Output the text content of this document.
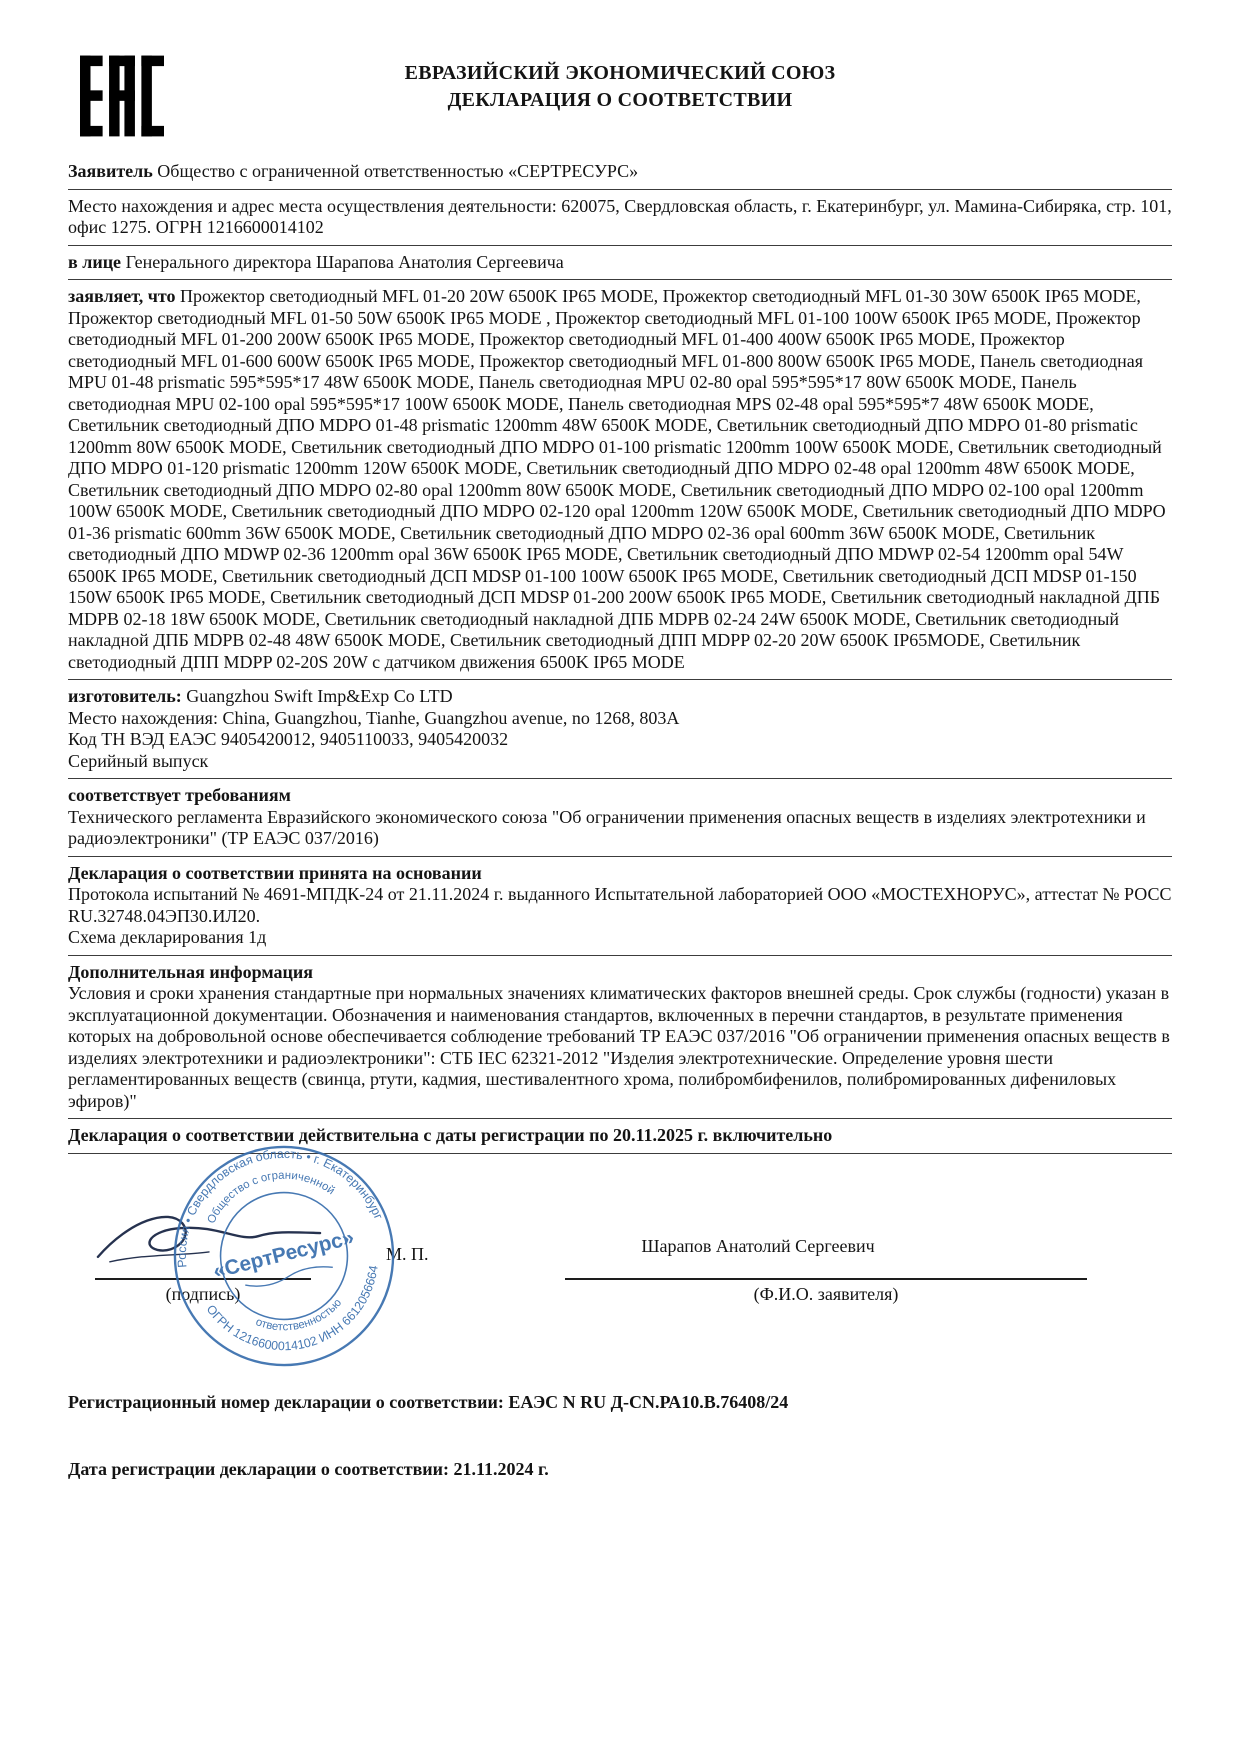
ЕВРАЗИЙСКИЙ ЭКОНОМИЧЕСКИЙ СОЮЗ
ДЕКЛАРАЦИЯ О СООТВЕТСТВИИ

Заявитель Общество с ограниченной ответственностью «СЕРТРЕСУРС»

Место нахождения и адрес места осуществления деятельности: 620075, Свердловская область, г. Екатеринбург, ул. Мамина-Сибиряка, стр. 101, офис 1275. ОГРН 1216600014102

в лице Генерального директора Шарапова Анатолия Сергеевича

заявляет, что Прожектор светодиодный MFL 01-20 20W 6500K IP65 MODE, Прожектор светодиодный MFL 01-30 30W 6500K IP65 MODE, Прожектор светодиодный MFL 01-50 50W 6500K IP65 MODE , Прожектор светодиодный MFL 01-100 100W 6500K IP65 MODE, Прожектор светодиодный MFL 01-200 200W 6500K IP65 MODE, Прожектор светодиодный MFL 01-400 400W 6500K IP65 MODE, Прожектор светодиодный MFL 01-600 600W 6500K IP65 MODE, Прожектор светодиодный MFL 01-800 800W 6500K IP65 MODE, Панель светодиодная MPU 01-48 prismatic 595*595*17 48W 6500K MODE, Панель светодиодная MPU 02-80 opal 595*595*17 80W 6500K MODE, Панель светодиодная MPU 02-100 opal 595*595*17 100W 6500K MODE, Панель светодиодная MPS 02-48 opal 595*595*7 48W 6500K MODE, Светильник светодиодный ДПО MDPO 01-48 prismatic 1200mm 48W 6500K MODE, Светильник светодиодный ДПО MDPO 01-80 prismatic 1200mm 80W 6500K MODE, Светильник светодиодный ДПО MDPO 01-100 prismatic 1200mm 100W 6500K MODE, Светильник светодиодный ДПО MDPO 01-120 prismatic 1200mm 120W 6500K MODE, Светильник светодиодный ДПО MDPO 02-48 opal 1200mm 48W 6500K MODE, Светильник светодиодный ДПО MDPO 02-80 opal 1200mm 80W 6500K MODE, Светильник светодиодный ДПО MDPO 02-100 opal 1200mm 100W 6500K MODE, Светильник светодиодный ДПО MDPO 02-120 opal 1200mm 120W 6500K MODE, Светильник светодиодный ДПО MDPO 01-36 prismatic 600mm 36W 6500K MODE, Светильник светодиодный ДПО MDPO 02-36 opal 600mm 36W 6500K MODE, Светильник светодиодный ДПО MDWP 02-36 1200mm opal 36W 6500K IP65 MODE, Светильник светодиодный ДПО MDWP 02-54 1200mm opal 54W 6500K IP65 MODE, Светильник светодиодный ДСП MDSP 01-100 100W 6500K IP65 MODE, Светильник светодиодный ДСП MDSP 01-150 150W 6500K IP65 MODE, Светильник светодиодный ДСП MDSP 01-200 200W 6500K IP65 MODE, Светильник светодиодный накладной ДПБ MDPB 02-18 18W 6500K MODE, Светильник светодиодный накладной ДПБ MDPB 02-24 24W 6500K MODE, Светильник светодиодный накладной ДПБ MDPB 02-48 48W 6500K MODE, Светильник светодиодный ДПП MDPP 02-20 20W 6500K IP65MODE, Светильник светодиодный ДПП MDPP 02-20S 20W с датчиком движения 6500K IP65 MODE

изготовитель: Guangzhou Swift Imp&Exp Co LTD

Место нахождения: China, Guangzhou, Tianhe, Guangzhou avenue, no 1268, 803A

Код ТН ВЭД ЕАЭС 9405420012, 9405110033, 9405420032

Серийный выпуск

соответствует требованиям

Технического регламента Евразийского экономического союза "Об ограничении применения опасных веществ в изделиях электротехники и радиоэлектроники" (ТР ЕАЭС 037/2016)

Декларация о соответствии принята на основании

Протокола испытаний № 4691-МПДК-24 от 21.11.2024 г. выданного Испытательной лабораторией ООО «МОСТЕХНОРУС», аттестат № РОСС RU.32748.04ЭП30.ИЛ20.

Схема декларирования 1д

Дополнительная информация

Условия и сроки хранения стандартные при нормальных значениях климатических факторов внешней среды. Срок службы (годности) указан в эксплуатационной документации. Обозначения и наименования стандартов, включенных в перечни стандартов, в результате применения которых на добровольной основе обеспечивается соблюдение требований ТР ЕАЭС 037/2016 "Об ограничении применения опасных веществ в изделиях электротехники и радиоэлектроники": СТБ IEC 62321-2012 "Изделия электротехнические. Определение уровня шести регламентированных веществ (свинца, ртути, кадмия, шестивалентного хрома, полибромбифенилов, полибромированных дифениловых эфиров)"

Декларация о соответствии действительна с даты регистрации по 20.11.2025 г. включительно

(подпись)	(Ф.И.О. заявителя)
Шарапов Анатолий Сергеевич
М. П.
Россия • Свердловская область • г. Екатеринбург
ОГРН 1216600014102 ИНН 6612056664
Общество с ограниченной
ответственностью
«СертРесурс»

Регистрационный номер декларации о соответствии: ЕАЭС N RU Д-CN.РА10.В.76408/24

Дата регистрации декларации о соответствии: 21.11.2024 г.
